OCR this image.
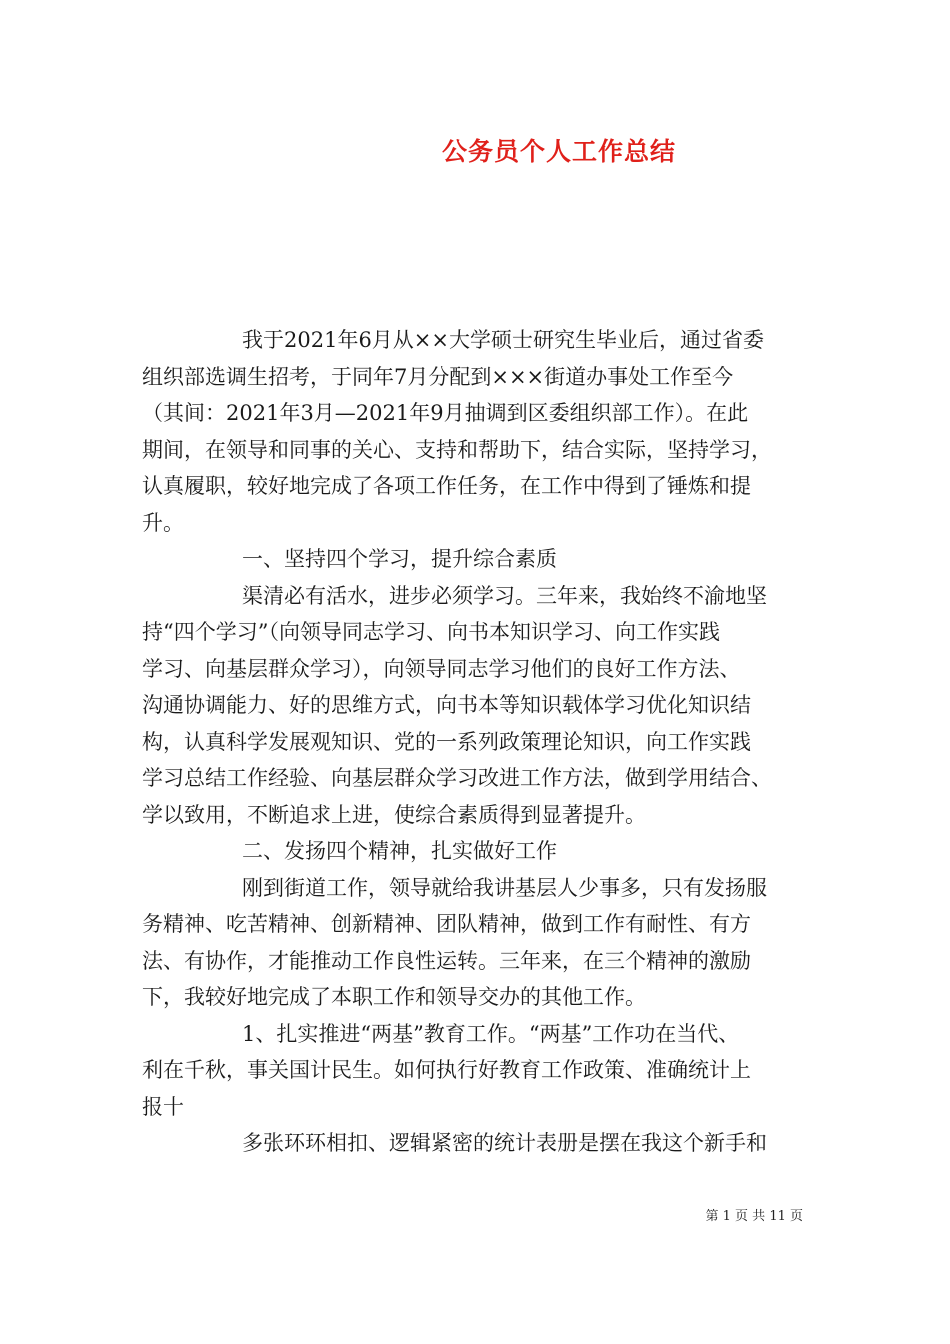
公务员个人工作总结
我于2021年6月从××大学硕士研究生毕业后，通过省委
组织部选调生招考，于同年7月分配到×××街道办事处工作至今
（其间：2021年3月—2021年9月抽调到区委组织部工作）。在此
期间，在领导和同事的关心、支持和帮助下，结合实际，坚持学习，
认真履职，较好地完成了各项工作任务，在工作中得到了锤炼和提
升。
一、坚持四个学习，提升综合素质
渠清必有活水，进步必须学习。三年来，我始终不渝地坚
持“四个学习”（向领导同志学习、向书本知识学习、向工作实践
学习、向基层群众学习），向领导同志学习他们的良好工作方法、
沟通协调能力、好的思维方式，向书本等知识载体学习优化知识结
构，认真科学发展观知识、党的一系列政策理论知识，向工作实践
学习总结工作经验、向基层群众学习改进工作方法，做到学用结合、
学以致用，不断追求上进，使综合素质得到显著提升。
二、发扬四个精神，扎实做好工作
刚到街道工作，领导就给我讲基层人少事多，只有发扬服
务精神、吃苦精神、创新精神、团队精神，做到工作有耐性、有方
法、有协作，才能推动工作良性运转。三年来，在三个精神的激励
下，我较好地完成了本职工作和领导交办的其他工作。
1、扎实推进“两基”教育工作。“两基”工作功在当代、
利在千秋，事关国计民生。如何执行好教育工作政策、准确统计上
报十
多张环环相扣、逻辑紧密的统计表册是摆在我这个新手和
第 1 页 共 11 页
